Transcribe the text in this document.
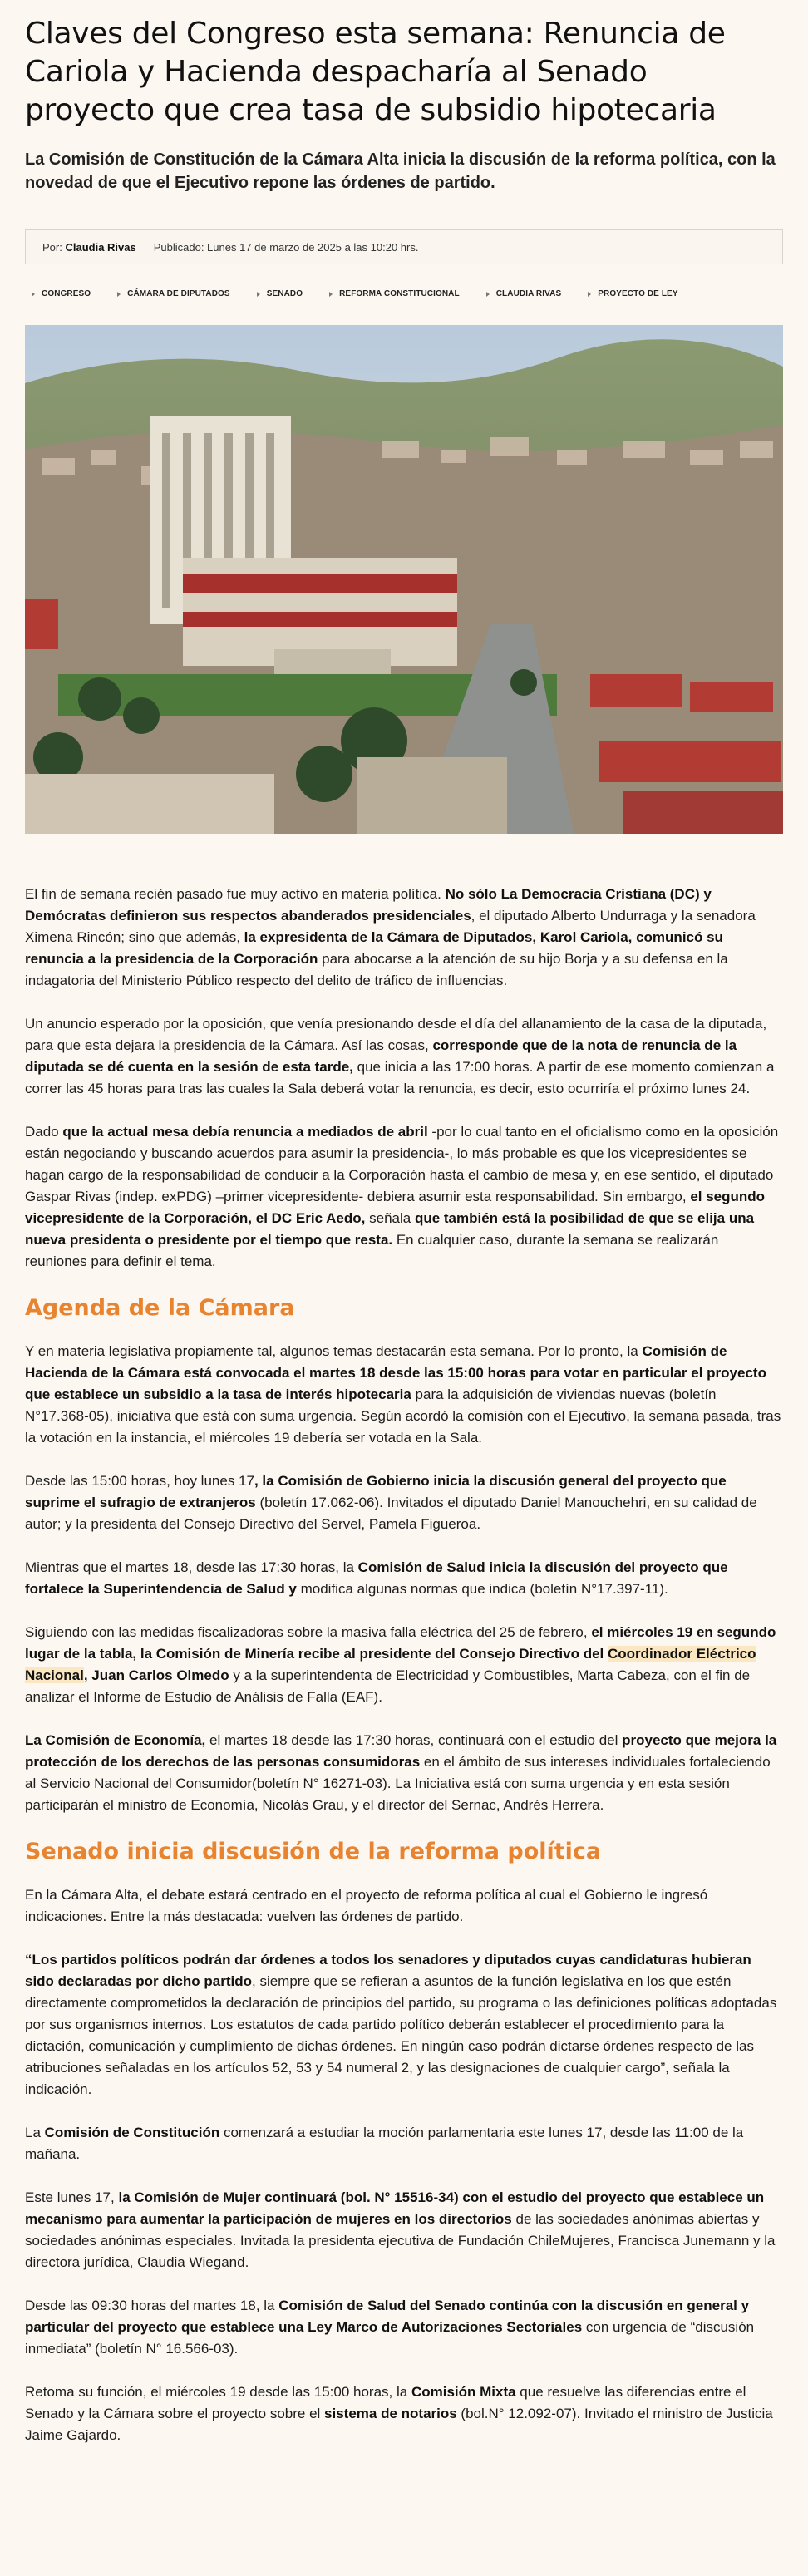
Claves del Congreso esta semana: Renuncia de Cariola y Hacienda despacharía al Senado proyecto que crea tasa de subsidio hipotecaria

La Comisión de Constitución de la Cámara Alta inicia la discusión de la reforma política, con la novedad de que el Ejecutivo repone las órdenes de partido.

Por:
Claudia Rivas Publicado: Lunes 17 de marzo de 2025 a las 10:20 hrs.
CONGRESO	CÁMARA DE DIPUTADOS	SENADO	REFORMA CONSTITUCIONAL	CLAUDIA RIVAS	PROYECTO DE LEY

El fin de semana recién pasado fue muy activo en materia política. No sólo La Democracia Cristiana (DC) y Demócratas definieron sus respectos abanderados presidenciales, el diputado Alberto Undurraga y la senadora Ximena Rincón; sino que además, la expresidenta de la Cámara de Diputados, Karol Cariola, comunicó su renuncia a la presidencia de la Corporación para abocarse a la atención de su hijo Borja y a su defensa en la indagatoria del Ministerio Público respecto del delito de tráfico de influencias.

Un anuncio esperado por la oposición, que venía presionando desde el día del allanamiento de la casa de la diputada, para que esta dejara la presidencia de la Cámara. Así las cosas, corresponde que de la nota de renuncia de la diputada se dé cuenta en la sesión de esta tarde, que inicia a las 17:00 horas. A partir de ese momento comienzan a correr las 45 horas para tras las cuales la Sala deberá votar la renuncia, es decir, esto ocurriría el próximo lunes 24.

Dado que la actual mesa debía renuncia a mediados de abril -por lo cual tanto en el oficialismo como en la oposición están negociando y buscando acuerdos para asumir la presidencia-, lo más probable es que los vicepresidentes se hagan cargo de la responsabilidad de conducir a la Corporación hasta el cambio de mesa y, en ese sentido, el diputado Gaspar Rivas (indep. exPDG) –primer vicepresidente- debiera asumir esta responsabilidad. Sin embargo, el segundo vicepresidente de la Corporación, el DC Eric Aedo, señala que también está la posibilidad de que se elija una nueva presidenta o presidente por el tiempo que resta. En cualquier caso, durante la semana se realizarán reuniones para definir el tema.

Agenda de la Cámara

Y en materia legislativa propiamente tal, algunos temas destacarán esta semana. Por lo pronto, la Comisión de Hacienda de la Cámara está convocada el martes 18 desde las 15:00 horas para votar en particular el proyecto que establece un subsidio a la tasa de interés hipotecaria para la adquisición de viviendas nuevas (boletín N°17.368-05), iniciativa que está con suma urgencia. Según acordó la comisión con el Ejecutivo, la semana pasada, tras la votación en la instancia, el miércoles 19 debería ser votada en la Sala.

Desde las 15:00 horas, hoy lunes 17, la Comisión de Gobierno inicia la discusión general del proyecto que suprime el sufragio de extranjeros (boletín 17.062-06). Invitados el diputado Daniel Manouchehri, en su calidad de autor; y la presidenta del Consejo Directivo del Servel, Pamela Figueroa.

Mientras que el martes 18, desde las 17:30 horas, la Comisión de Salud inicia la discusión del proyecto que fortalece la Superintendencia de Salud y modifica algunas normas que indica (boletín N°17.397-11).

Siguiendo con las medidas fiscalizadoras sobre la masiva falla eléctrica del 25 de febrero, el miércoles 19 en segundo lugar de la tabla, la Comisión de Minería recibe al presidente del Consejo Directivo del Coordinador Eléctrico Nacional, Juan Carlos Olmedo y a la superintendenta de Electricidad y Combustibles, Marta Cabeza, con el fin de analizar el Informe de Estudio de Análisis de Falla (EAF).

La Comisión de Economía, el martes 18 desde las 17:30 horas, continuará con el estudio del proyecto que mejora la protección de los derechos de las personas consumidoras en el ámbito de sus intereses individuales fortaleciendo al Servicio Nacional del Consumidor(boletín N° 16271-03). La Iniciativa está con suma urgencia y en esta sesión participarán el ministro de Economía, Nicolás Grau, y el director del Sernac, Andrés Herrera.

Senado inicia discusión de la reforma política

En la Cámara Alta, el debate estará centrado en el proyecto de reforma política al cual el Gobierno le ingresó indicaciones. Entre la más destacada: vuelven las órdenes de partido.

“Los partidos políticos podrán dar órdenes a todos los senadores y diputados cuyas candidaturas hubieran sido declaradas por dicho partido, siempre que se refieran a asuntos de la función legislativa en los que estén directamente comprometidos la declaración de principios del partido, su programa o las definiciones políticas adoptadas por sus organismos internos. Los estatutos de cada partido político deberán establecer el procedimiento para la dictación, comunicación y cumplimiento de dichas órdenes. En ningún caso podrán dictarse órdenes respecto de las atribuciones señaladas en los artículos 52, 53 y 54 numeral 2, y las designaciones de cualquier cargo”, señala la indicación.

La Comisión de Constitución comenzará a estudiar la moción parlamentaria este lunes 17, desde las 11:00 de la mañana.

Este lunes 17, la Comisión de Mujer continuará (bol. N° 15516-34) con el estudio del proyecto que establece un mecanismo para aumentar la participación de mujeres en los directorios de las sociedades anónimas abiertas y sociedades anónimas especiales. Invitada la presidenta ejecutiva de Fundación ChileMujeres, Francisca Junemann y la directora jurídica, Claudia Wiegand.

Desde las 09:30 horas del martes 18, la Comisión de Salud del Senado continúa con la discusión en general y particular del proyecto que establece una Ley Marco de Autorizaciones Sectoriales con urgencia de “discusión inmediata” (boletín N° 16.566-03).

Retoma su función, el miércoles 19 desde las 15:00 horas, la Comisión Mixta que resuelve las diferencias entre el Senado y la Cámara sobre el proyecto sobre el sistema de notarios (bol.N° 12.092-07). Invitado el ministro de Justicia Jaime Gajardo.
